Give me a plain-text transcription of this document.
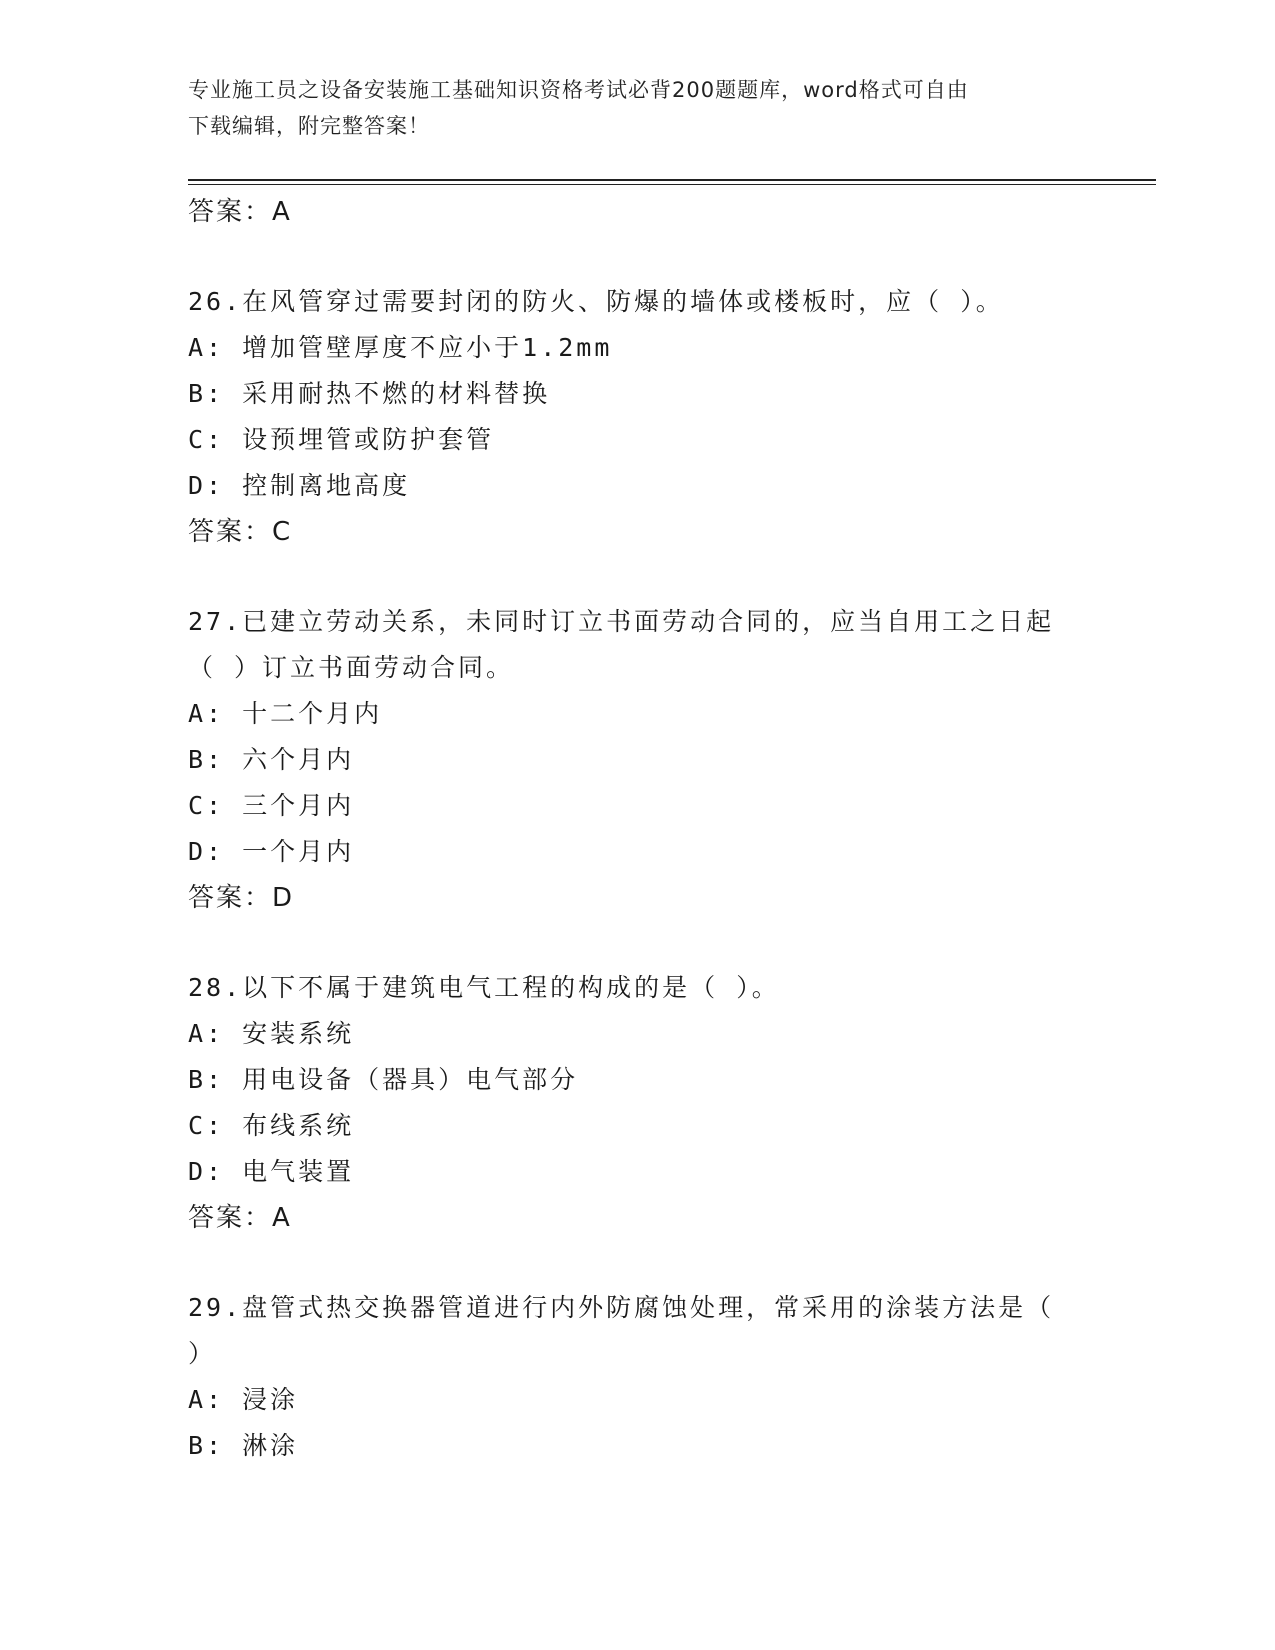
专业施工员之设备安装施工基础知识资格考试必背200题题库，word格式可自由
下载编辑，附完整答案！
答案：A
26.在风管穿过需要封闭的防火、防爆的墙体或楼板时，应（ ）。
A: 增加管壁厚度不应小于1.2mm
B: 采用耐热不燃的材料替换
C: 设预埋管或防护套管
D: 控制离地高度
答案：C
27.已建立劳动关系，未同时订立书面劳动合同的，应当自用工之日起
（ ）订立书面劳动合同。
A: 十二个月内
B: 六个月内
C: 三个月内
D: 一个月内
答案：D
28.以下不属于建筑电气工程的构成的是（ ）。
A: 安装系统
B: 用电设备（器具）电气部分
C: 布线系统
D: 电气装置
答案：A
29.盘管式热交换器管道进行内外防腐蚀处理，常采用的涂装方法是（
）
A: 浸涂
B: 淋涂
